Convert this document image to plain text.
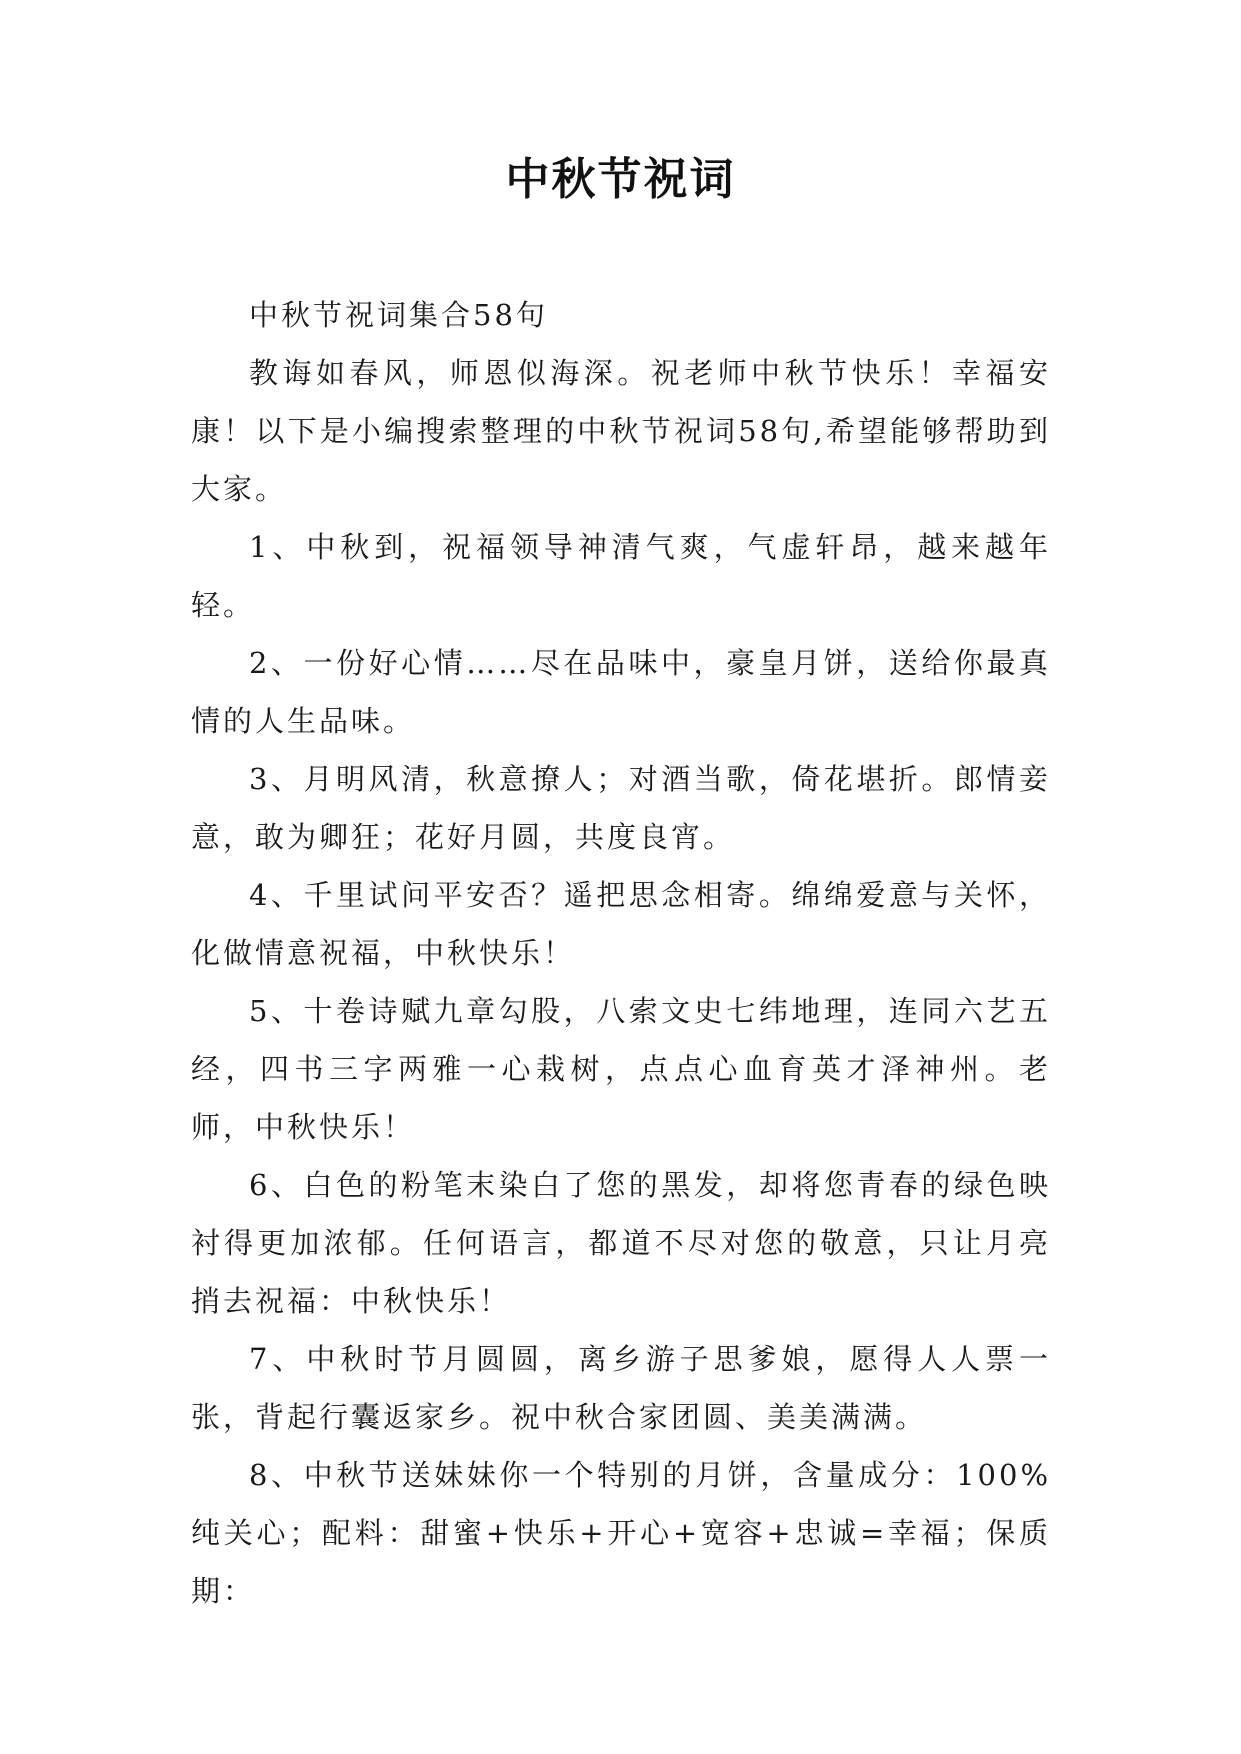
中秋节祝词

中秋节祝词集合58句

教诲如春风，师恩似海深。祝老师中秋节快乐！幸福安康！以下是小编搜索整理的中秋节祝词58句,希望能够帮助到大家。

1、中秋到，祝福领导神清气爽，气虚轩昂，越来越年轻。

2、一份好心情……尽在品味中，豪皇月饼，送给你最真情的人生品味。

3、月明风清，秋意撩人；对酒当歌，倚花堪折。郎情妾意，敢为卿狂；花好月圆，共度良宵。

4、千里试问平安否？遥把思念相寄。绵绵爱意与关怀，化做情意祝福，中秋快乐！

5、十卷诗赋九章勾股，八索文史七纬地理，连同六艺五经，四书三字两雅一心栽树，点点心血育英才泽神州。老师，中秋快乐！

6、白色的粉笔末染白了您的黑发，却将您青春的绿色映衬得更加浓郁。任何语言，都道不尽对您的敬意，只让月亮捎去祝福：中秋快乐！

7、中秋时节月圆圆，离乡游子思爹娘，愿得人人票一张，背起行囊返家乡。祝中秋合家团圆、美美满满。

8、中秋节送妹妹你一个特别的月饼，含量成分：100%纯关心；配料：甜蜜+快乐+开心+宽容+忠诚=幸福；保质期：
